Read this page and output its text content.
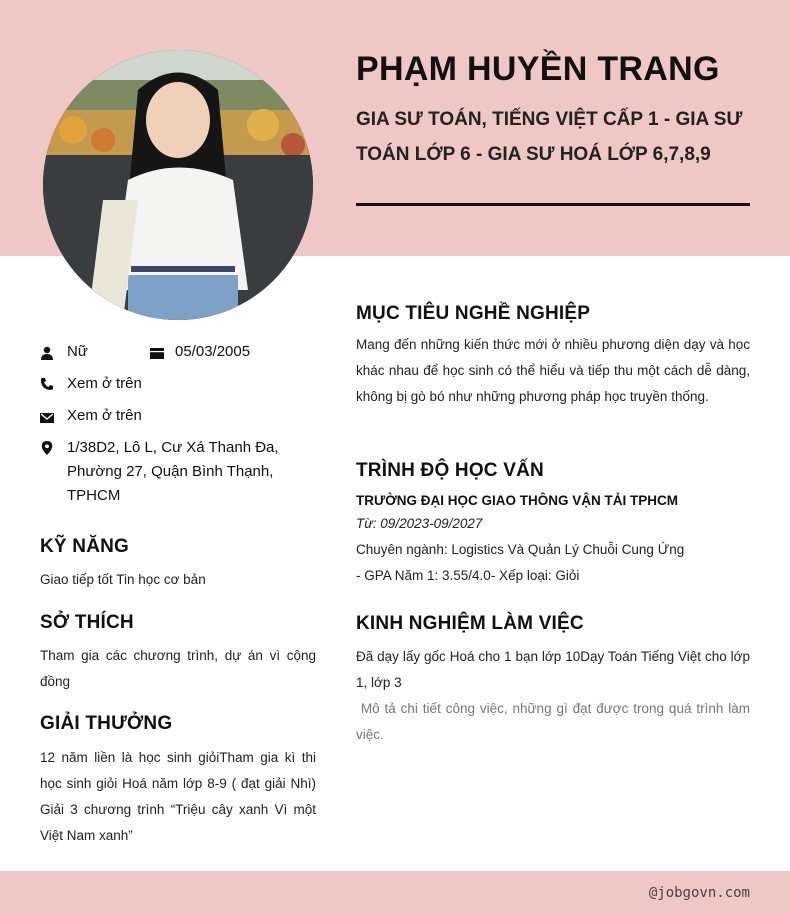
PHẠM HUYỀN TRANG

GIA SƯ TOÁN, TIẾNG VIỆT CẤP 1 - GIA SƯ TOÁN LỚP 6 - GIA SƯ HOÁ LỚP 6,7,8,9

Nữ	05/03/2005
Xem ở trên
Xem ở trên
1/38D2, Lô L, Cư Xá Thanh Đa, Phường 27, Quận Bình Thạnh, TPHCM
KỸ NĂNG

Giao tiếp tốt Tin học cơ bản

SỞ THÍCH

Tham gia các chương trình, dự án vì cộng đồng

GIẢI THƯỞNG

12 năm liền là học sinh giỏiTham gia kì thi học sinh giỏi Hoá năm lớp 8-9 ( đạt giải Nhì) Giải 3 chương trình “Triệu cây xanh Vì một Việt Nam xanh”

MỤC TIÊU NGHỀ NGHIỆP

Mang đến những kiến thức mới ở nhiều phương diện dạy và học khác nhau để học sinh có thể hiểu và tiếp thu một cách dễ dàng, không bị gò bó như những phương pháp học truyền thống.

TRÌNH ĐỘ HỌC VẤN

TRƯỜNG ĐẠI HỌC GIAO THÔNG VẬN TẢI TPHCM

Từ: 09/2023-09/2027

Chuyên ngành: Logistics Và Quản Lý Chuỗi Cung Ứng

- GPA Năm 1: 3.55/4.0- Xếp loại: Giỏi

KINH NGHIỆM LÀM VIỆC

Đã dạy lấy gốc Hoá cho 1 bạn lớp 10Dạy Toán Tiếng Việt cho lớp 1, lớp 3

Mô tả chi tiết công việc, những gì đạt được trong quá trình làm việc.

@jobgovn.com
